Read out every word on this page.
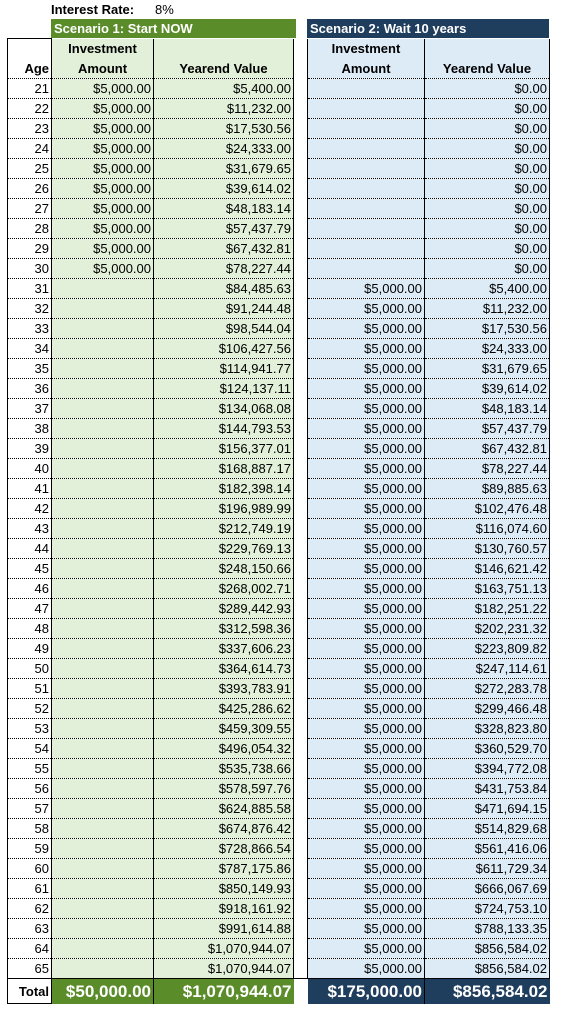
Interest Rate:	8%
Scenario 1: Start NOW	Scenario 2: Wait 10 years
	Investment			Investment	
Age	Amount	Yearend Value		Amount	Yearend Value
21	$5,000.00	$5,400.00			$0.00
22	$5,000.00	$11,232.00			$0.00
23	$5,000.00	$17,530.56			$0.00
24	$5,000.00	$24,333.00			$0.00
25	$5,000.00	$31,679.65			$0.00
26	$5,000.00	$39,614.02			$0.00
27	$5,000.00	$48,183.14			$0.00
28	$5,000.00	$57,437.79			$0.00
29	$5,000.00	$67,432.81			$0.00
30	$5,000.00	$78,227.44			$0.00
31		$84,485.63		$5,000.00	$5,400.00
32		$91,244.48		$5,000.00	$11,232.00
33		$98,544.04		$5,000.00	$17,530.56
34		$106,427.56		$5,000.00	$24,333.00
35		$114,941.77		$5,000.00	$31,679.65
36		$124,137.11		$5,000.00	$39,614.02
37		$134,068.08		$5,000.00	$48,183.14
38		$144,793.53		$5,000.00	$57,437.79
39		$156,377.01		$5,000.00	$67,432.81
40		$168,887.17		$5,000.00	$78,227.44
41		$182,398.14		$5,000.00	$89,885.63
42		$196,989.99		$5,000.00	$102,476.48
43		$212,749.19		$5,000.00	$116,074.60
44		$229,769.13		$5,000.00	$130,760.57
45		$248,150.66		$5,000.00	$146,621.42
46		$268,002.71		$5,000.00	$163,751.13
47		$289,442.93		$5,000.00	$182,251.22
48		$312,598.36		$5,000.00	$202,231.32
49		$337,606.23		$5,000.00	$223,809.82
50		$364,614.73		$5,000.00	$247,114.61
51		$393,783.91		$5,000.00	$272,283.78
52		$425,286.62		$5,000.00	$299,466.48
53		$459,309.55		$5,000.00	$328,823.80
54		$496,054.32		$5,000.00	$360,529.70
55		$535,738.66		$5,000.00	$394,772.08
56		$578,597.76		$5,000.00	$431,753.84
57		$624,885.58		$5,000.00	$471,694.15
58		$674,876.42		$5,000.00	$514,829.68
59		$728,866.54		$5,000.00	$561,416.06
60		$787,175.86		$5,000.00	$611,729.34
61		$850,149.93		$5,000.00	$666,067.69
62		$918,161.92		$5,000.00	$724,753.10
63		$991,614.88		$5,000.00	$788,133.35
64		$1,070,944.07		$5,000.00	$856,584.02
65		$1,070,944.07		$5,000.00	$856,584.02
Total	$50,000.00	$1,070,944.07		$175,000.00	$856,584.02
